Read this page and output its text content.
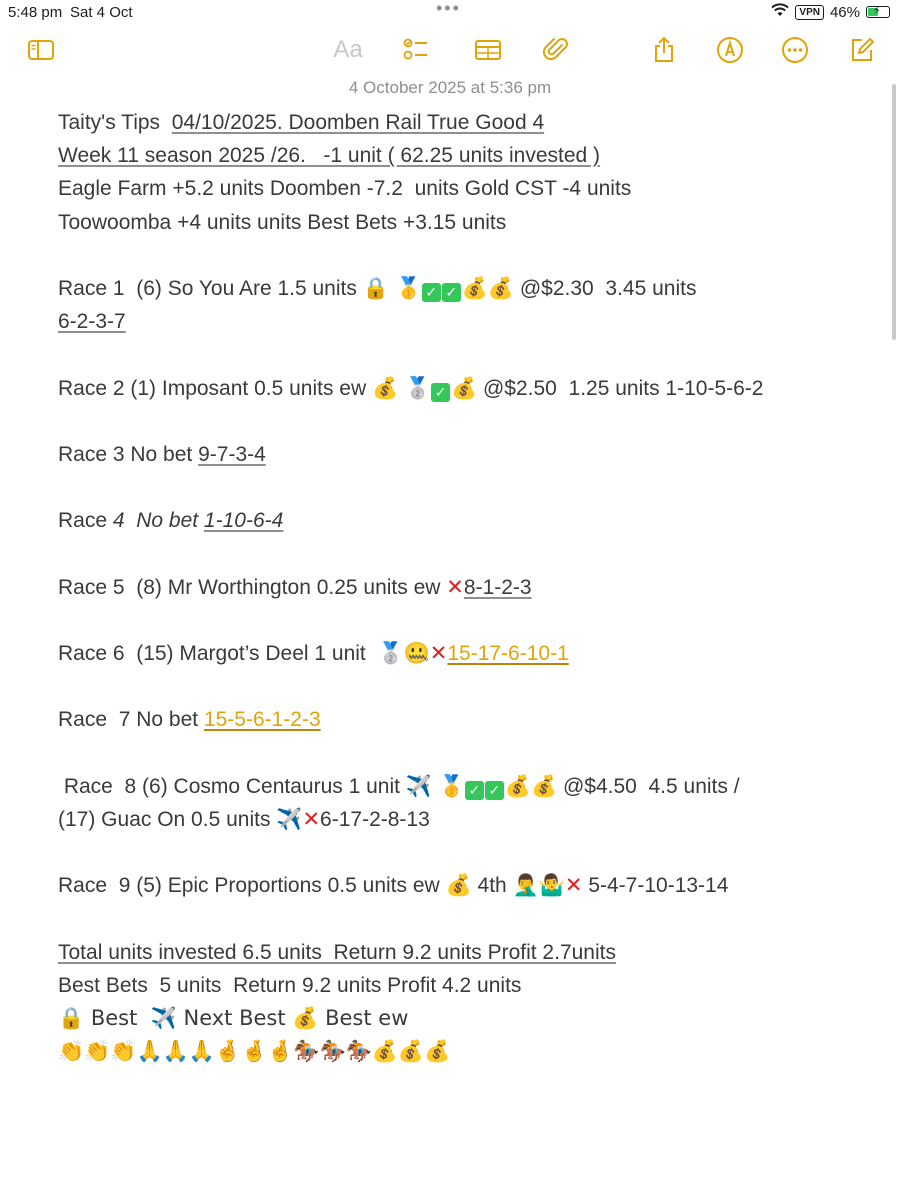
5:48 pm Sat 4 Oct	•••	VPN 46% ⚡
Aa
4 October 2025 at 5:36 pm
Taity's Tips  04/10/2025. Doomben Rail True Good 4
Week 11 season 2025 /26.   -1 unit ( 62.25 units invested )
Eagle Farm +5.2 units Doomben -7.2  units Gold CST -4 units
Toowoomba +4 units units Best Bets +3.15 units
Race 1  (6) So You Are 1.5 units 🔒 🥇 ✓ ✓ 💰💰 @$2.30  3.45 units
6-2-3-7
Race 2 (1) Imposant 0.5 units ew 💰 🥈 ✓ 💰 @$2.50  1.25 units 1-10-5-6-2
Race 3 No bet 9-7-3-4
Race 4  No bet 1-10-6-4
Race 5  (8) Mr Worthington 0.25 units ew ✕8-1-2-3
Race 6  (15) Margot’s Deel 1 unit  🥈🤐✕15-17-6-10-1
Race  7 No bet 15-5-6-1-2-3
Race  8 (6) Cosmo Centaurus 1 unit ✈️ 🥇 ✓ ✓ 💰💰 @$4.50  4.5 units /
(17) Guac On 0.5 units ✈️✕6-17-2-8-13
Race  9 (5) Epic Proportions 0.5 units ew 💰 4th 🤦‍♂️🤷‍♂️✕ 5-4-7-10-13-14
Total units invested 6.5 units  Return 9.2 units Profit 2.7units
Best Bets  5 units  Return 9.2 units Profit 4.2 units
🔒 Best  ✈️ Next Best 💰 Best ew
👏👏👏🙏🙏🙏🤞🤞🤞🏇🏇🏇💰💰💰
